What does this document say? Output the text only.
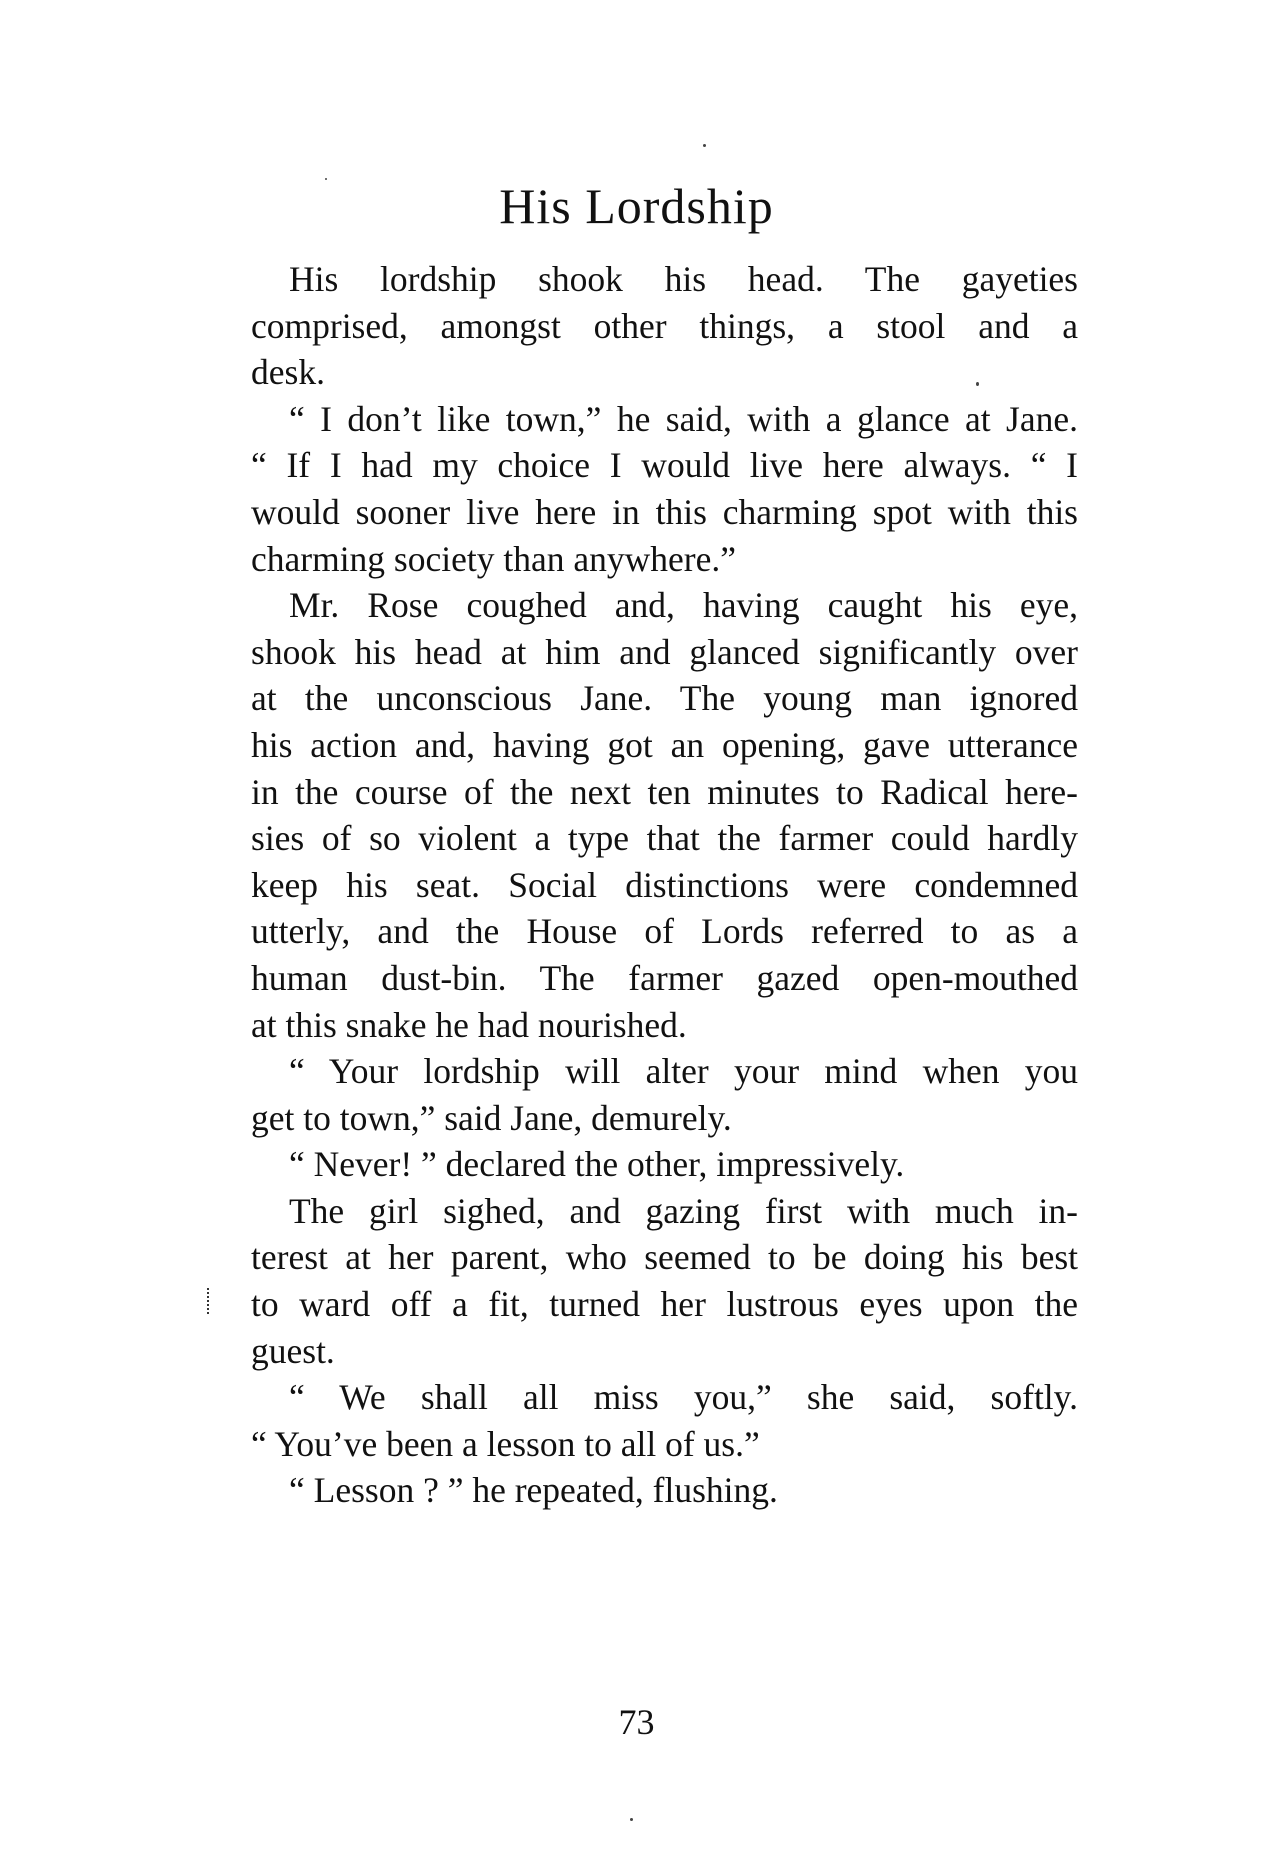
His Lordship
His lordship shook his head. The gayeties
comprised, amongst other things, a stool and a
desk.
“ I don’t like town,” he said, with a glance at Jane.
“ If I had my choice I would live here always. “ I
would sooner live here in this charming spot with this
charming society than anywhere.”
Mr. Rose coughed and, having caught his eye,
shook his head at him and glanced significantly over
at the unconscious Jane. The young man ignored
his action and, having got an opening, gave utterance
in the course of the next ten minutes to Radical here-
sies of so violent a type that the farmer could hardly
keep his seat. Social distinctions were condemned
utterly, and the House of Lords referred to as a
human dust-bin. The farmer gazed open-mouthed
at this snake he had nourished.
“ Your lordship will alter your mind when you
get to town,” said Jane, demurely.
“ Never! ” declared the other, impressively.
The girl sighed, and gazing first with much in-
terest at her parent, who seemed to be doing his best
to ward off a fit, turned her lustrous eyes upon the
guest.
“ We shall all miss you,” she said, softly.
“ You’ve been a lesson to all of us.”
“ Lesson ? ” he repeated, flushing.
73
